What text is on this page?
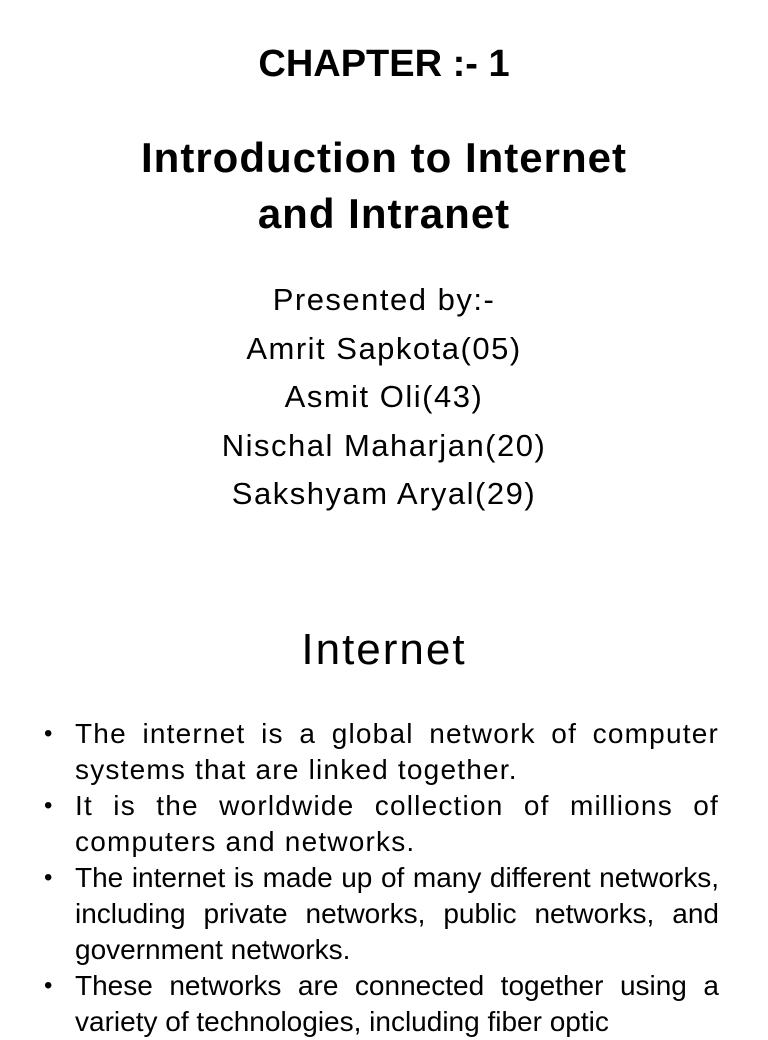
CHAPTER :- 1
Introduction to Internet
and Intranet
Presented by:-
Amrit Sapkota(05)
Asmit Oli(43)
Nischal Maharjan(20)
Sakshyam Aryal(29)
Internet
• The internet is a global network of computer systems that are linked together.
• It is the worldwide collection of millions of computers and networks.
• The internet is made up of many different networks, including private networks, public networks, and government networks.
• These networks are connected together using a variety of technologies, including fiber optic
